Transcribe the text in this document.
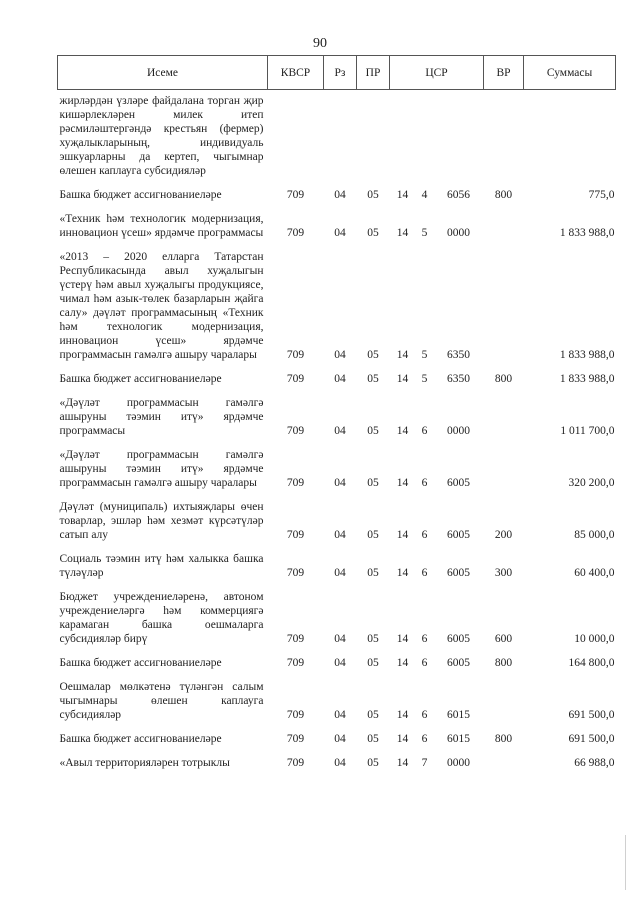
90
Исеме	КВСР	Рз	ПР	ЦСР			ВР	Суммасы
жирләрдән үзләре файдалана торган җир кишәрлекләрен милек итеп рәсмиләштергәндә крестьян (фермер) хуҗалыкларының, индивидуаль эшкуарларны да кертеп, чыгымнар өлешен каплауга субсидияләр								
Башка бюджет ассигнованиеләре	709	04	05	14	4	6056	800	775,0
«Техник һәм технологик модернизация, инновацион үсеш» ярдәмче программасы	709	04	05	14	5	0000		1 833 988,0
«2013 – 2020 елларга Татарстан Республикасында авыл хуҗалыгын үстерү һәм авыл хуҗалыгы продукциясе, чимал һәм азык-төлек базарларын җайга салу» дәүләт программасының «Техник һәм технологик модернизация, инновацион үсеш» ярдәмче программасын гамәлгә ашыру чаралары	709	04	05	14	5	6350		1 833 988,0
Башка бюджет ассигнованиеләре	709	04	05	14	5	6350	800	1 833 988,0
«Дәүләт программасын гамәлгә ашыруны тәэмин итү» ярдәмче программасы	709	04	05	14	6	0000		1 011 700,0
«Дәүләт программасын гамәлгә ашыруны тәэмин итү» ярдәмче программасын гамәлгә ашыру чаралары	709	04	05	14	6	6005		320 200,0
Дәүләт (муниципаль) ихтыяҗлары өчен товарлар, эшләр һәм хезмәт күрсәтүләр сатып алу	709	04	05	14	6	6005	200	85 000,0
Социаль тәэмин итү һәм халыкка башка түләүләр	709	04	05	14	6	6005	300	60 400,0
Бюджет учреждениеләренә, автоном учреждениеләргә һәм коммерциягә карамаган башка оешмаларга субсидияләр бирү	709	04	05	14	6	6005	600	10 000,0
Башка бюджет ассигнованиеләре	709	04	05	14	6	6005	800	164 800,0
Оешмалар мөлкәтенә түләнгән салым чыгымнары өлешен каплауга субсидияләр	709	04	05	14	6	6015		691 500,0
Башка бюджет ассигнованиеләре	709	04	05	14	6	6015	800	691 500,0
«Авыл территорияләрен тотрыклы	709	04	05	14	7	0000		66 988,0
